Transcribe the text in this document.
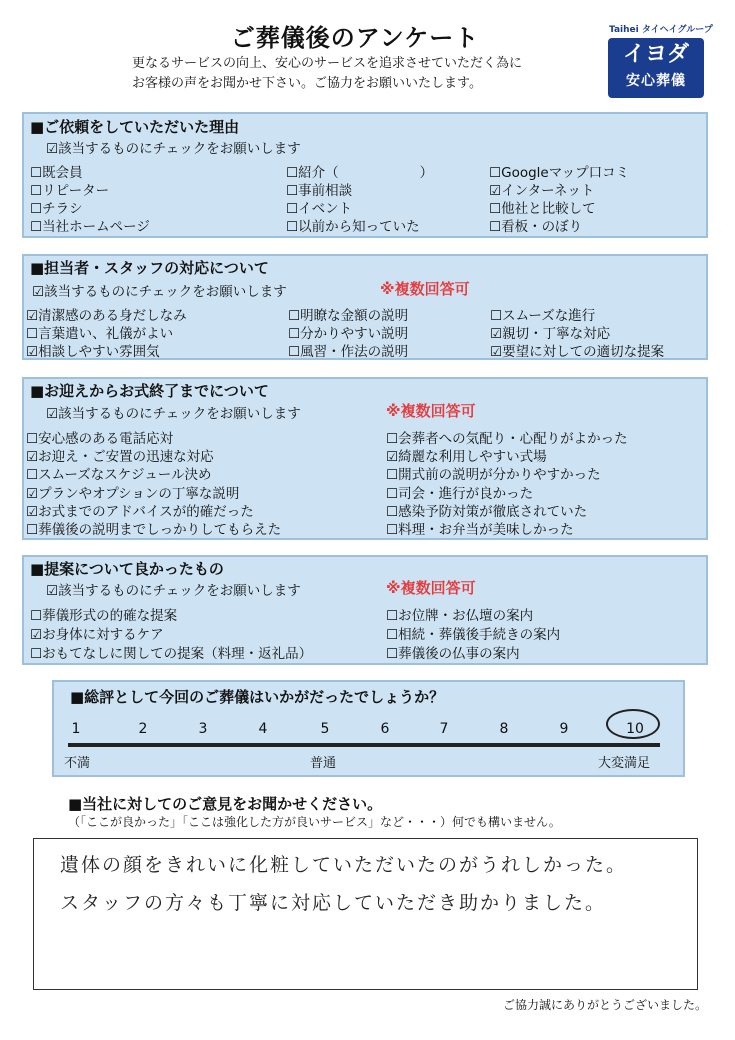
ご葬儀後のアンケート
更なるサービスの向上、安心のサービスを追求させていただく為に
お客様の声をお聞かせ下さい。ご協力をお願いいたします。
Taihei タイヘイグループ
イヨダ
安心葬儀
■ご依頼をしていただいた理由
☑該当するものにチェックをお願いします
☐既会員
☐リピーター
☐チラシ
☐当社ホームページ
☐紹介（　　　　　　）
☐事前相談
☐イベント
☐以前から知っていた
☐Googleマップ口コミ
☑インターネット
☐他社と比較して
☐看板・のぼり
■担当者・スタッフの対応について
☑該当するものにチェックをお願いします	※複数回答可
☑清潔感のある身だしなみ
☐言葉遣い、礼儀がよい
☑相談しやすい雰囲気
☐明瞭な金額の説明
☐分かりやすい説明
☐風習・作法の説明
☐スムーズな進行
☑親切・丁寧な対応
☑要望に対しての適切な提案
■お迎えからお式終了までについて
☑該当するものにチェックをお願いします	※複数回答可
☐安心感のある電話応対
☑お迎え・ご安置の迅速な対応
☐スムーズなスケジュール決め
☑プランやオプションの丁寧な説明
☑お式までのアドバイスが的確だった
☐葬儀後の説明までしっかりしてもらえた
☐会葬者への気配り・心配りがよかった
☑綺麗な利用しやすい式場
☐開式前の説明が分かりやすかった
☐司会・進行が良かった
☐感染予防対策が徹底されていた
☐料理・お弁当が美味しかった
■提案について良かったもの
☑該当するものにチェックをお願いします	※複数回答可
☐葬儀形式の的確な提案
☑お身体に対するケア
☐おもてなしに関しての提案（料理・返礼品）
☐お位牌・お仏壇の案内
☐相続・葬儀後手続きの案内
☐葬儀後の仏事の案内
■総評として今回のご葬儀はいかがだったでしょうか？
1	2	3	4	5	6	7	8	9	10
不満	普通	大変満足
■当社に対してのご意見をお聞かせください。
（「ここが良かった」「ここは強化した方が良いサービス」など・・・）何でも構いません。
遺体の顔をきれいに化粧していただいたのがうれしかった。
スタッフの方々も丁寧に対応していただき助かりました。
ご協力誠にありがとうございました。
